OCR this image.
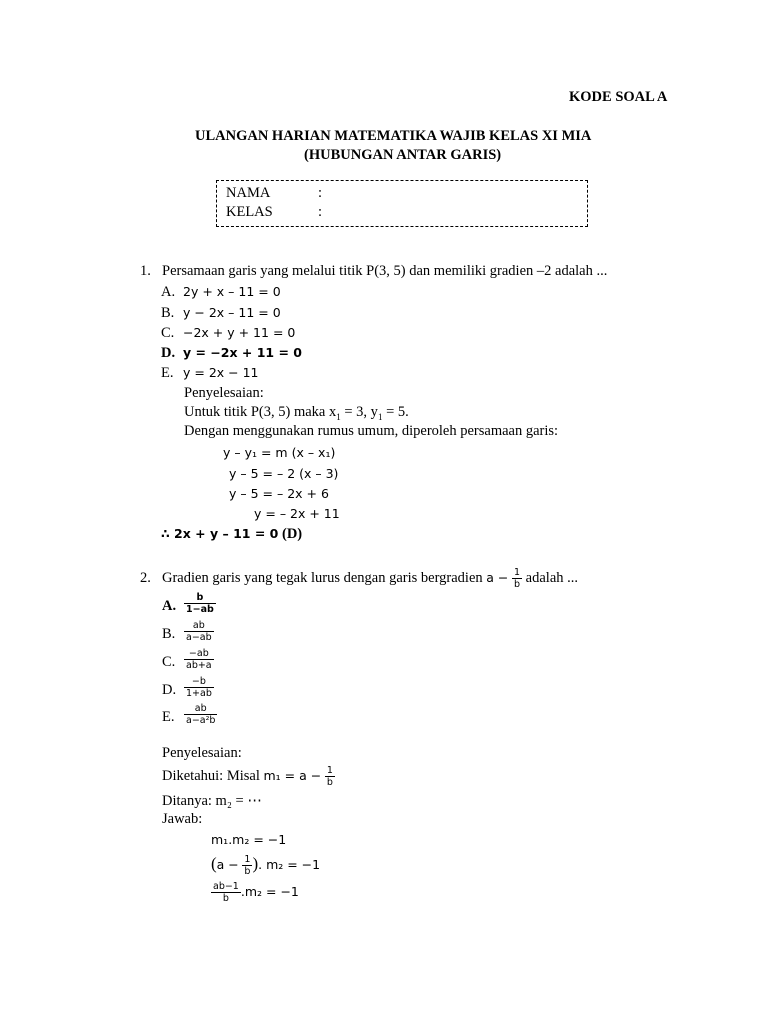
KODE SOAL A
ULANGAN HARIAN MATEMATIKA WAJIB KELAS XI MIA
(HUBUNGAN ANTAR GARIS)
NAMA	:
KELAS	:
1. Persamaan garis yang melalui titik P(3, 5) dan memiliki gradien –2 adalah ...
A. 2y + x – 11 = 0
B. y − 2x – 11 = 0
C. −2x + y + 11 = 0
D. y = −2x + 11 = 0
E. y = 2x − 11
Penyelesaian:
Untuk titik P(3, 5) maka $x_1 = 3$, $y_1 = 5$.
Dengan menggunakan rumus umum, diperoleh persamaan garis:
y – y₁ = m (x – x₁)
y – 5 = – 2 (x – 3)
y – 5 = – 2x + 6
y = – 2x + 11
∴ 2x + y – 11 = 0 (D)
2. Gradien garis yang tegak lurus dengan garis bergradien $a - \frac{1}{b}$ adalah ...
A. $\frac{b}{1-ab}$
B. $\frac{ab}{a-ab}$
C. $\frac{-ab}{ab+a}$
D. $\frac{-b}{1+ab}$
E. $\frac{ab}{\text{a−a²b}}$
Penyelesaian:
Diketahui: Misal $m_1 = a - \frac{1}{b}$
Ditanya: m₂ = ⋯
Jawab:
m₁.m₂ = −1
($a - \frac{1}{b}$ ). m₂ = −1
$\frac{ab-1}{b} .m_2 = -1$
